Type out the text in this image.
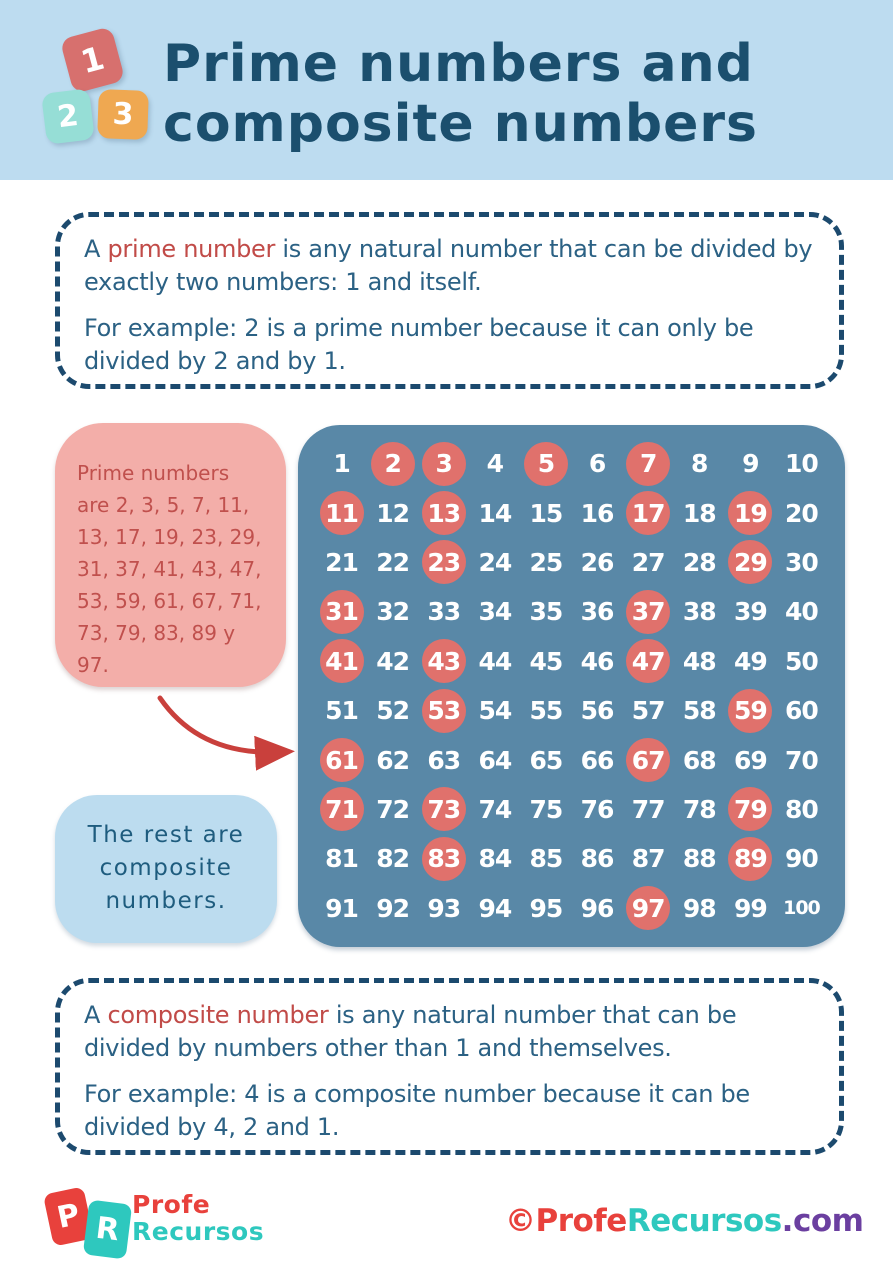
1
2 3
Prime numbers and
composite numbers

A prime number is any natural number that can be divided by exactly two numbers: 1 and itself.

For example: 2 is a prime number because it can only be divided by 2 and by 1.

Prime numbers are 2, 3, 5, 7, 11, 13, 17, 19, 23, 29, 31, 37, 41, 43, 47, 53, 59, 61, 67, 71, 73, 79, 83, 89 y 97.
The rest are composite numbers.
1	2	3	4	5	6	7	8	9	10
11 12 13 14 15 16 17 18 19 20
21 22 23 24 25 26 27 28 29 30
31 32 33 34 35 36 37 38 39 40
41 42 43 44 45 46 47 48 49 50
51 52 53 54 55 56 57 58 59 60
61 62 63 64 65 66 67 68 69 70
71 72 73 74 75 76 77 78 79 80
81 82 83 84 85 86 87 88 89 90
91 92 93 94 95 96 97 98 99 100

A composite number is any natural number that can be divided by numbers other than 1 and themselves.

For example: 4 is a composite number because it can be divided by 4, 2 and 1.

P R
Profe
Recursos	©ProfeRecursos.com
